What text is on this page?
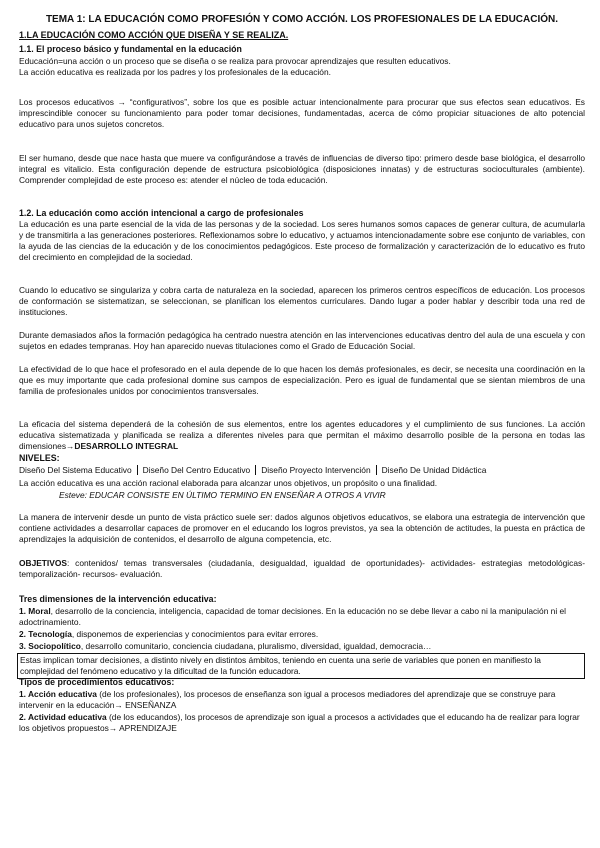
TEMA 1: LA EDUCACIÓN COMO PROFESIÓN Y COMO ACCIÓN. LOS PROFESIONALES DE LA EDUCACIÓN.

1.LA EDUCACIÓN COMO ACCIÓN QUE DISEÑA Y SE REALIZA.

1.1. El proceso básico y fundamental en la educación

Educación=una acción o un proceso que se diseña o se realiza para provocar aprendizajes que resulten educativos.

La acción educativa es realizada por los padres y los profesionales de la educación.

Los procesos educativos → “configurativos”, sobre los que es posible actuar intencionalmente para procurar que sus efectos sean educativos. Es imprescindible conocer su funcionamiento para poder tomar decisiones, fundamentadas, acerca de cómo propiciar situaciones de alto potencial educativo para unos sujetos concretos.

El ser humano, desde que nace hasta que muere va configurándose a través de influencias de diverso tipo: primero desde base biológica, el desarrollo integral es vitalicio. Esta configuración depende de estructura psicobiológica (disposiciones innatas) y de estructuras socioculturales (ambiente). Comprender complejidad de este proceso es: atender el núcleo de toda educación.

1.2. La educación como acción intencional a cargo de profesionales

La educación es una parte esencial de la vida de las personas y de la sociedad. Los seres humanos somos capaces de generar cultura, de acumularla y de transmitirla a las generaciones posteriores. Reflexionamos sobre lo educativo, y actuamos intencionadamente sobre ese conjunto de variables, con la ayuda de las ciencias de la educación y de los conocimientos pedagógicos. Este proceso de formalización y caracterización de lo educativo es fruto del crecimiento en complejidad de la sociedad.

Cuando lo educativo se singulariza y cobra carta de naturaleza en la sociedad, aparecen los primeros centros específicos de educación. Los procesos de conformación se sistematizan, se seleccionan, se planifican los elementos curriculares. Dando lugar a poder hablar y describir toda una red de instituciones.

Durante demasiados años la formación pedagógica ha centrado nuestra atención en las intervenciones educativas dentro del aula de una escuela y con sujetos en edades tempranas. Hoy han aparecido nuevas titulaciones como el Grado de Educación Social.

La efectividad de lo que hace el profesorado en el aula depende de lo que hacen los demás profesionales, es decir, se necesita una coordinación en la que es muy importante que cada profesional domine sus campos de especialización. Pero es igual de fundamental que se sientan miembros de una familia de profesionales unidos por conocimientos transversales.

La eficacia del sistema dependerá de la cohesión de sus elementos, entre los agentes educadores y el cumplimiento de sus funciones. La acción educativa sistematizada y planificada se realiza a diferentes niveles para que permitan el máximo desarrollo posible de la persona en todas las dimensiones→DESARROLLO INTEGRAL

NIVELES:

Diseño Del Sistema Educativo Diseño Del Centro Educativo Diseño Proyecto Intervención Diseño De Unidad Didáctica

La acción educativa es una acción racional elaborada para alcanzar unos objetivos, un propósito o una finalidad.

Esteve: EDUCAR CONSISTE EN ÚLTIMO TERMINO EN ENSEÑAR A OTROS A VIVIR

La manera de intervenir desde un punto de vista práctico suele ser: dados algunos objetivos educativos, se elabora una estrategia de intervención que contiene actividades a desarrollar capaces de promover en el educando los logros previstos, ya sea la obtención de actitudes, la puesta en práctica de aprendizajes la adquisición de contenidos, el desarrollo de alguna competencia, etc.

OBJETIVOS: contenidos/ temas transversales (ciudadanía, desigualdad, igualdad de oportunidades)- actividades- estrategias metodológicas- temporalización- recursos- evaluación.

Tres dimensiones de la intervención educativa:

1. Moral, desarrollo de la conciencia, inteligencia, capacidad de tomar decisiones. En la educación no se debe llevar a cabo ni la manipulación ni el adoctrinamiento.

2. Tecnología, disponemos de experiencias y conocimientos para evitar errores.

3. Sociopolítico, desarrollo comunitario, conciencia ciudadana, pluralismo, diversidad, igualdad, democracia…

Estas implican tomar decisiones, a distinto nively en distintos ámbitos, teniendo en cuenta una serie de variables que ponen en manifiesto la complejidad del fenómeno educativo y la dificultad de la función educadora.

Tipos de procedimientos educativos:

1. Acción educativa (de los profesionales), los procesos de enseñanza son igual a procesos mediadores del aprendizaje que se construye para intervenir en la educación→ ENSEÑANZA

2. Actividad educativa (de los educandos), los procesos de aprendizaje son igual a procesos a actividades que el educando ha de realizar para lograr los objetivos propuestos→ APRENDIZAJE
